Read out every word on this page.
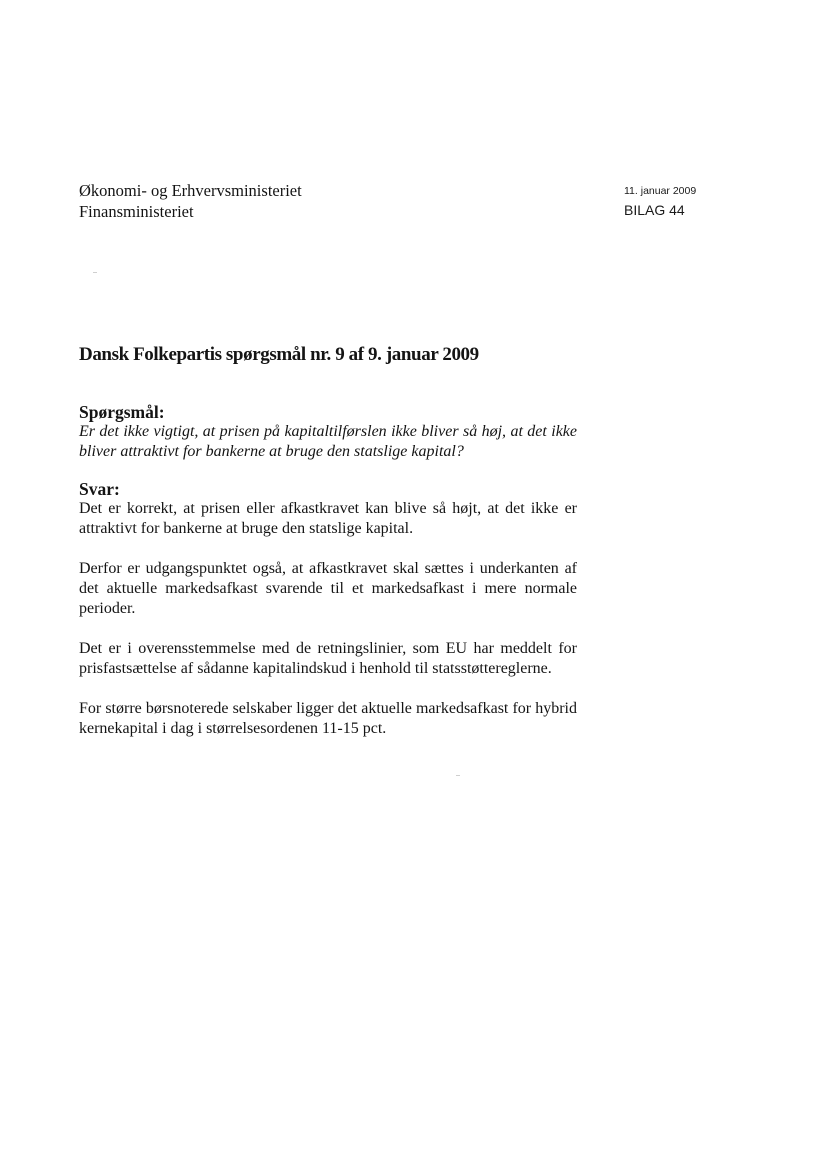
Økonomi- og Erhvervsministeriet
Finansministeriet
11. januar 2009
BILAG 44
Dansk Folkepartis spørgsmål nr. 9 af 9. januar 2009
Spørgsmål:

Er det ikke vigtigt, at prisen på kapitaltilførslen ikke bliver så høj, at det ikke bliver attraktivt for bankerne at bruge den statslige kapital?

Svar:

Det er korrekt, at prisen eller afkastkravet kan blive så højt, at det ikke er attraktivt for bankerne at bruge den statslige kapital.

Derfor er udgangspunktet også, at afkastkravet skal sættes i underkanten af det aktuelle markedsafkast svarende til et markedsafkast i mere normale perioder.

Det er i overensstemmelse med de retningslinier, som EU har meddelt for prisfastsættelse af sådanne kapitalindskud i henhold til statsstøttereglerne.

For større børsnoterede selskaber ligger det aktuelle markedsafkast for hybrid kernekapital i dag i størrelsesordenen 11-15 pct.
